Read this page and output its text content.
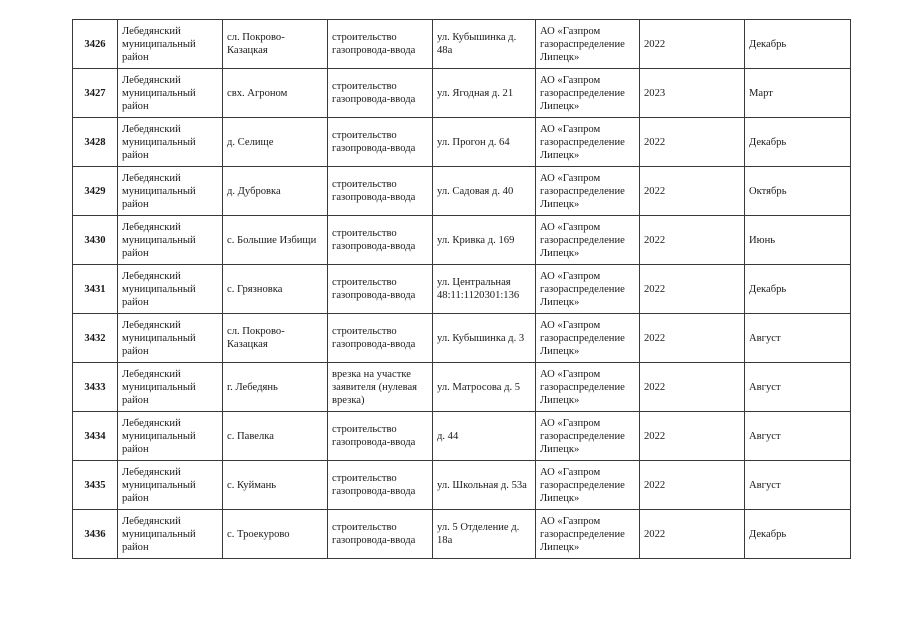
3426	Лебедянский муниципальный район	сл. Покрово-Казацкая	строительство газопровода-ввода	ул. Кубышинка д. 48а	АО «Газпром газораспределение Липецк»	2022	Декабрь
3427	Лебедянский муниципальный район	свх. Агроном	строительство газопровода-ввода	ул. Ягодная д. 21	АО «Газпром газораспределение Липецк»	2023	Март
3428	Лебедянский муниципальный район	д. Селище	строительство газопровода-ввода	ул. Прогон д. 64	АО «Газпром газораспределение Липецк»	2022	Декабрь
3429	Лебедянский муниципальный район	д. Дубровка	строительство газопровода-ввода	ул. Садовая д. 40	АО «Газпром газораспределение Липецк»	2022	Октябрь
3430	Лебедянский муниципальный район	с. Большие Избищи	строительство газопровода-ввода	ул. Кривка д. 169	АО «Газпром газораспределение Липецк»	2022	Июнь
3431	Лебедянский муниципальный район	с. Грязновка	строительство газопровода-ввода	ул. Центральная 48:11:1120301:136	АО «Газпром газораспределение Липецк»	2022	Декабрь
3432	Лебедянский муниципальный район	сл. Покрово-Казацкая	строительство газопровода-ввода	ул. Кубышинка д. 3	АО «Газпром газораспределение Липецк»	2022	Август
3433	Лебедянский муниципальный район	г. Лебедянь	врезка на участке заявителя (нулевая врезка)	ул. Матросова д. 5	АО «Газпром газораспределение Липецк»	2022	Август
3434	Лебедянский муниципальный район	с. Павелка	строительство газопровода-ввода	д. 44	АО «Газпром газораспределение Липецк»	2022	Август
3435	Лебедянский муниципальный район	с. Куймань	строительство газопровода-ввода	ул. Школьная д. 53а	АО «Газпром газораспределение Липецк»	2022	Август
3436	Лебедянский муниципальный район	с. Троекурово	строительство газопровода-ввода	ул. 5 Отделение д. 18а	АО «Газпром газораспределение Липецк»	2022	Декабрь
